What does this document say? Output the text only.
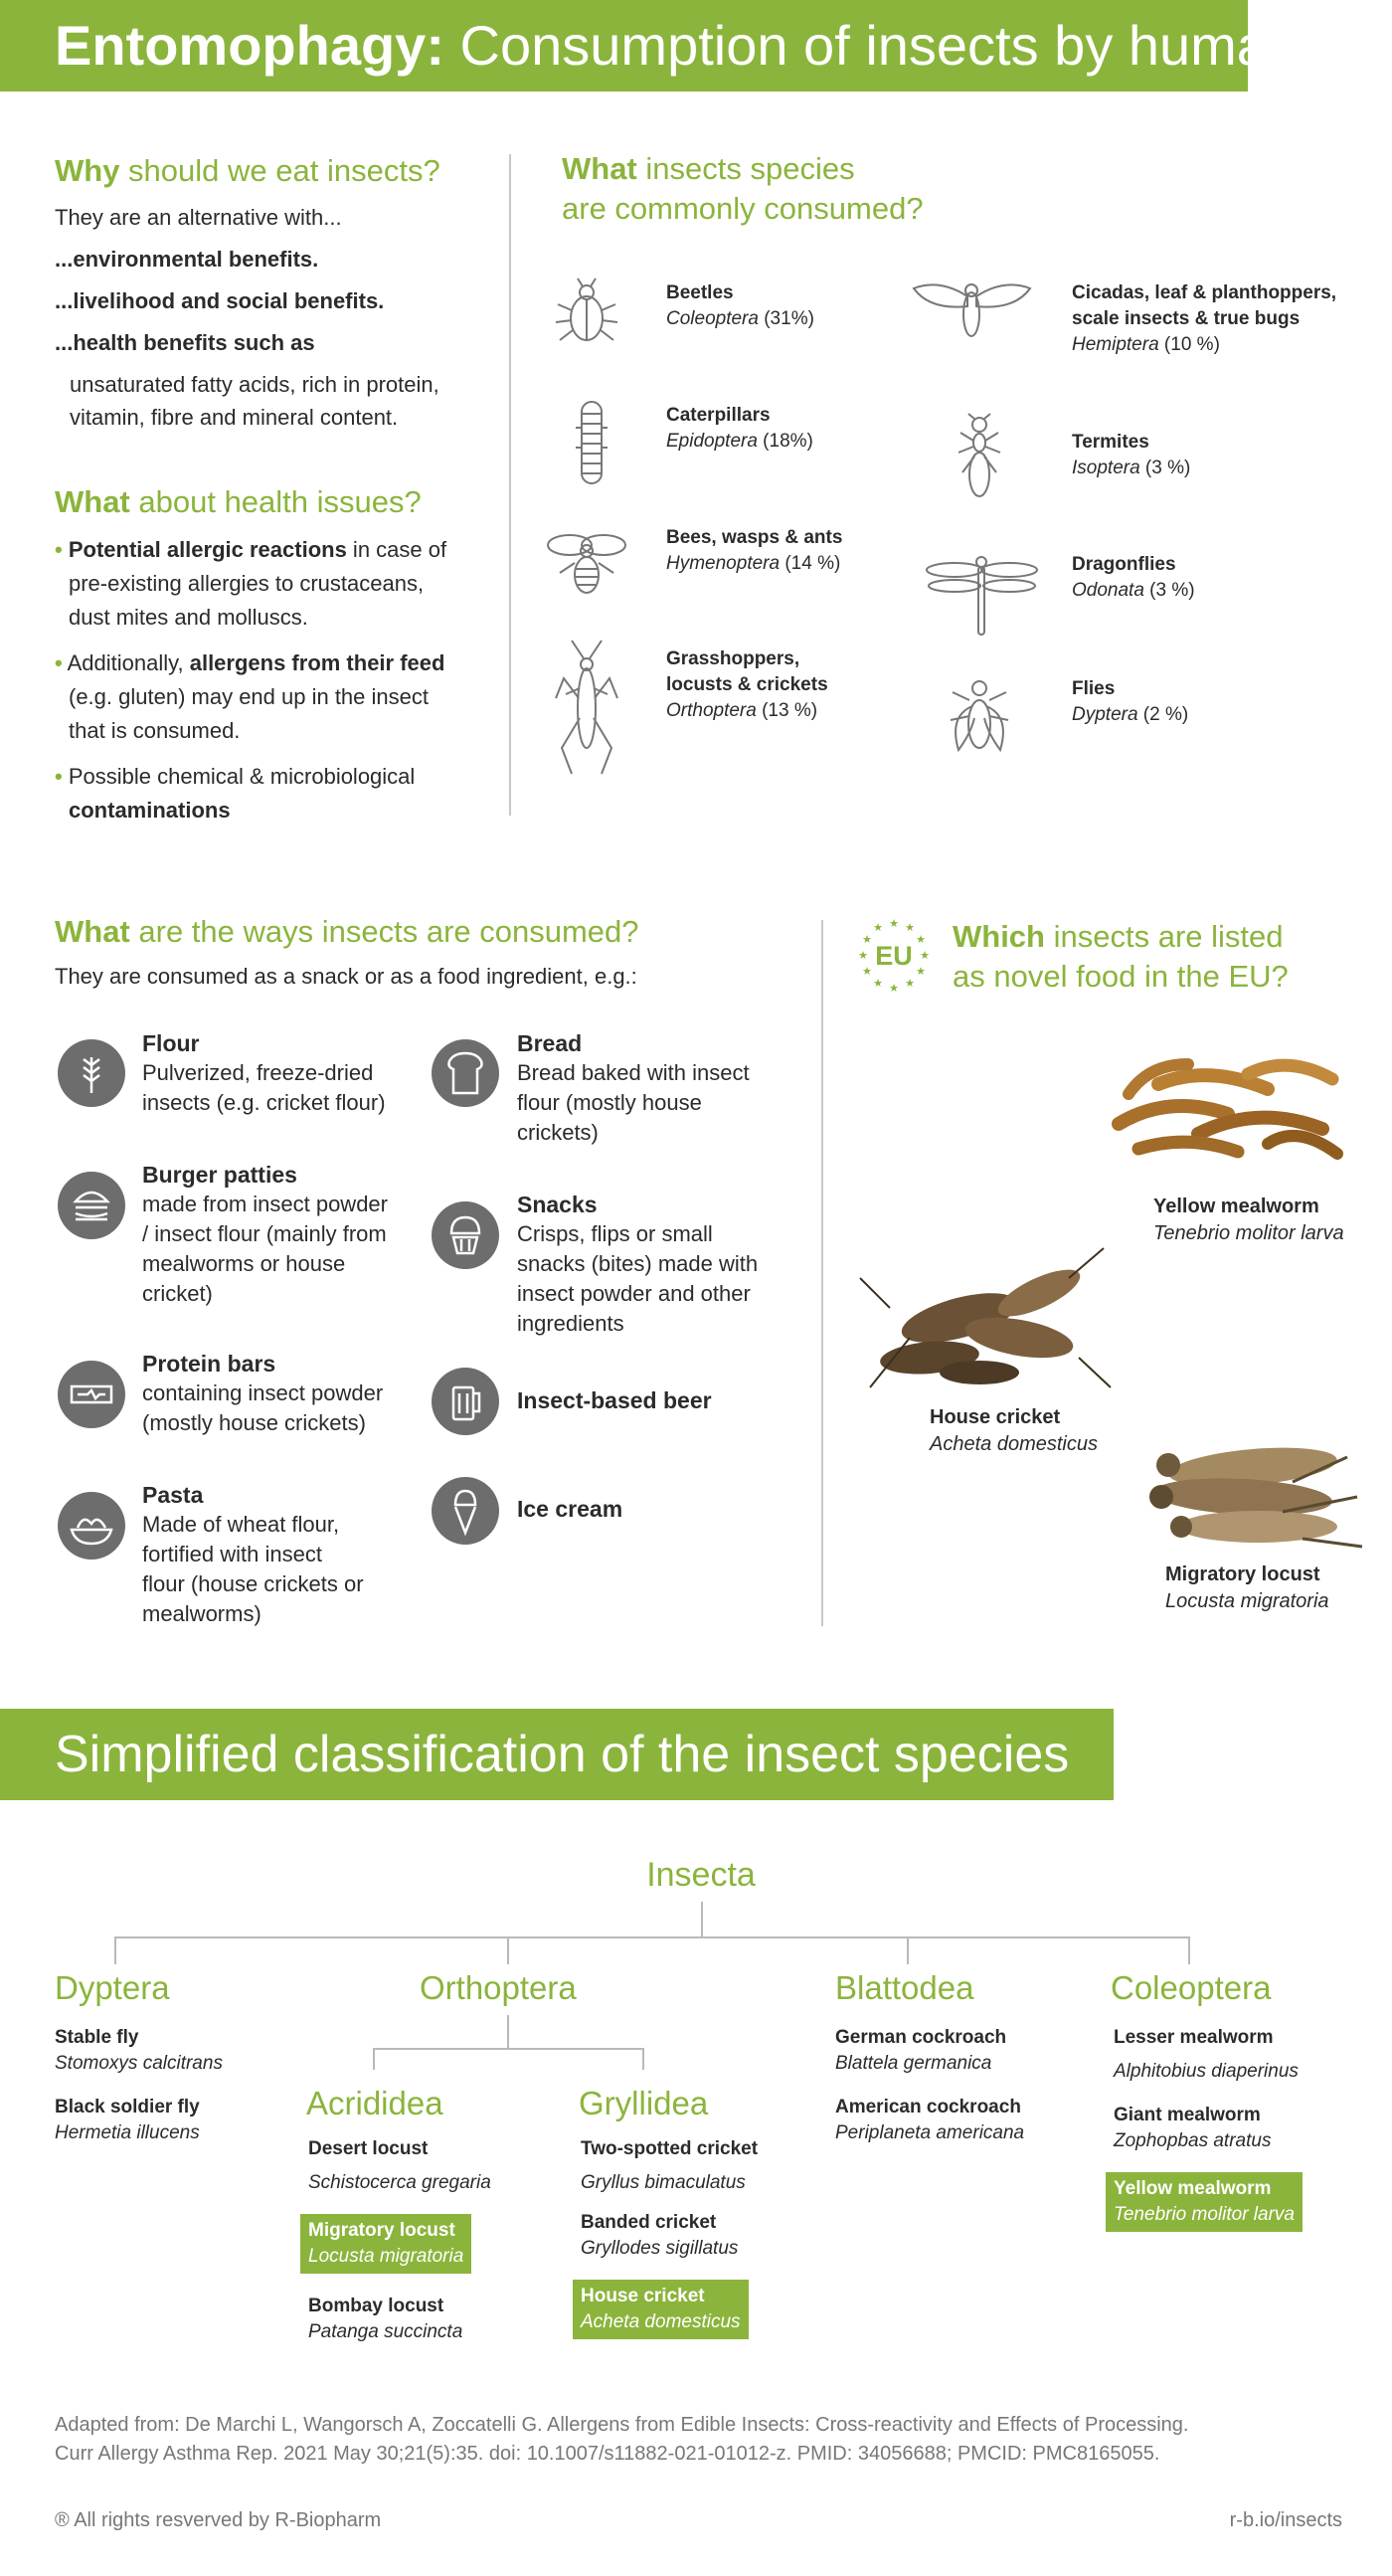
Entomophagy: Consumption of insects by humans
Why should we eat insects?
They are an alternative with...
...environmental benefits.
...livelihood and social benefits.
...health benefits such as
unsaturated fatty acids, rich in protein,
vitamin, fibre and mineral content.
What about health issues?
• Potential allergic reactions in case of
pre-existing allergies to crustaceans,
dust mites and molluscs.
• Additionally, allergens from their feed
(e.g. gluten) may end up in the insect
that is consumed.
• Possible chemical & microbiological
contaminations
What insects species
are commonly consumed?
Beetles
Coleoptera (31%)
Caterpillars
Epidoptera (18%)
Bees, wasps & ants
Hymenoptera (14 %)
Grasshoppers,
locusts & crickets
Orthoptera (13 %)
Cicadas, leaf & planthoppers,
scale insects & true bugs
Hemiptera (10 %)
Termites
Isoptera (3 %)
Dragonflies
Odonata (3 %)
Flies
Dyptera (2 %)
What are the ways insects are consumed?
They are consumed as a snack or as a food ingredient, e.g.:
Flour
Pulverized, freeze-dried
insects (e.g. cricket flour)
Burger patties
made from insect powder
/ insect flour (mainly from
mealworms or house
cricket)
Protein bars
containing insect powder
(mostly house crickets)
Pasta
Made of wheat flour,
fortified with insect
flour (house crickets or
mealworms)
Bread
Bread baked with insect
flour (mostly house
crickets)
Snacks
Crisps, flips or small
snacks (bites) made with
insect powder and other
ingredients
Insect-based beer
Ice cream
★ ★
★
★
★
★
★
★
★
★
★
★
EU
Which insects are listed
as novel food in the EU?
Yellow mealworm
Tenebrio molitor larva
House cricket
Acheta domesticus
Migratory locust
Locusta migratoria
Simplified classification of the insect species
Insecta
Dyptera	Orthoptera	Blattodea	Coleoptera
Stable fly
Stomoxys calcitrans
Black soldier fly
Hermetia illucens
Acrididea
Desert locust
Schistocerca gregaria
Migratory locust
Locusta migratoria
Bombay locust
Patanga succincta
Gryllidea
Two-spotted cricket
Gryllus bimaculatus
Banded cricket
Gryllodes sigillatus
House cricket
Acheta domesticus
German cockroach
Blattela germanica
American cockroach
Periplaneta americana
Lesser mealworm
Alphitobius diaperinus
Giant mealworm
Zophopbas atratus
Yellow mealworm
Tenebrio molitor larva
Adapted from: De Marchi L, Wangorsch A, Zoccatelli G. Allergens from Edible Insects: Cross-reactivity and Effects of Processing.
Curr Allergy Asthma Rep. 2021 May 30;21(5):35. doi: 10.1007/s11882-021-01012-z. PMID: 34056688; PMCID: PMC8165055.
® All rights resverved by R-Biopharm	r-b.io/insects
